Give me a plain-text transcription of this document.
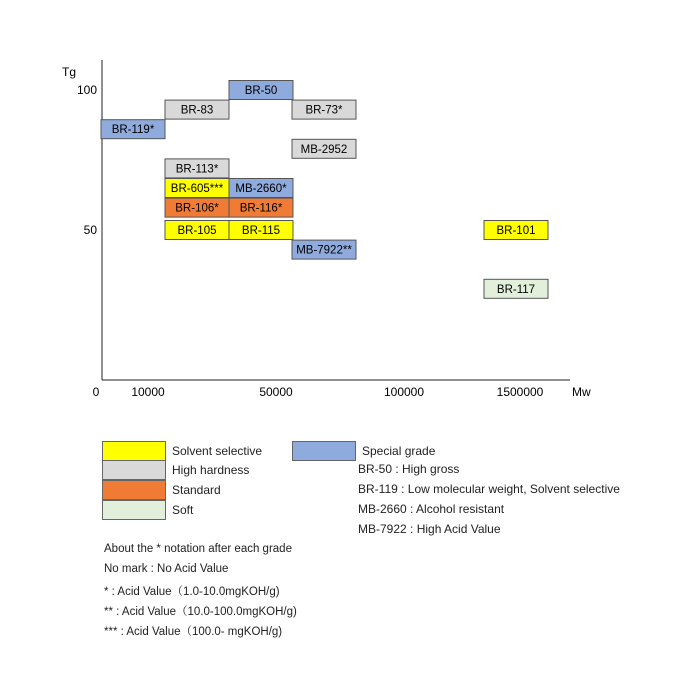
Tg
Mw
100
50
0	10000	50000	100000	1500000
BR-119*
BR-83
BR-50
BR-73*
MB-2952
BR-113*
BR-605*** MB-2660*
BR-106* BR-116*
BR-105 BR-115
MB-7922**
BR-101
BR-117
Solvent selective
High hardness
Standard
Soft
Special grade
BR-50 : High gross
BR-119 : Low molecular weight, Solvent selective
MB-2660 : Alcohol resistant
MB-7922 : High Acid Value
About the * notation after each grade
No mark : No Acid Value
* : Acid Value（1.0-10.0mgKOH/g)
** : Acid Value（10.0-100.0mgKOH/g)
*** : Acid Value（100.0- mgKOH/g)
